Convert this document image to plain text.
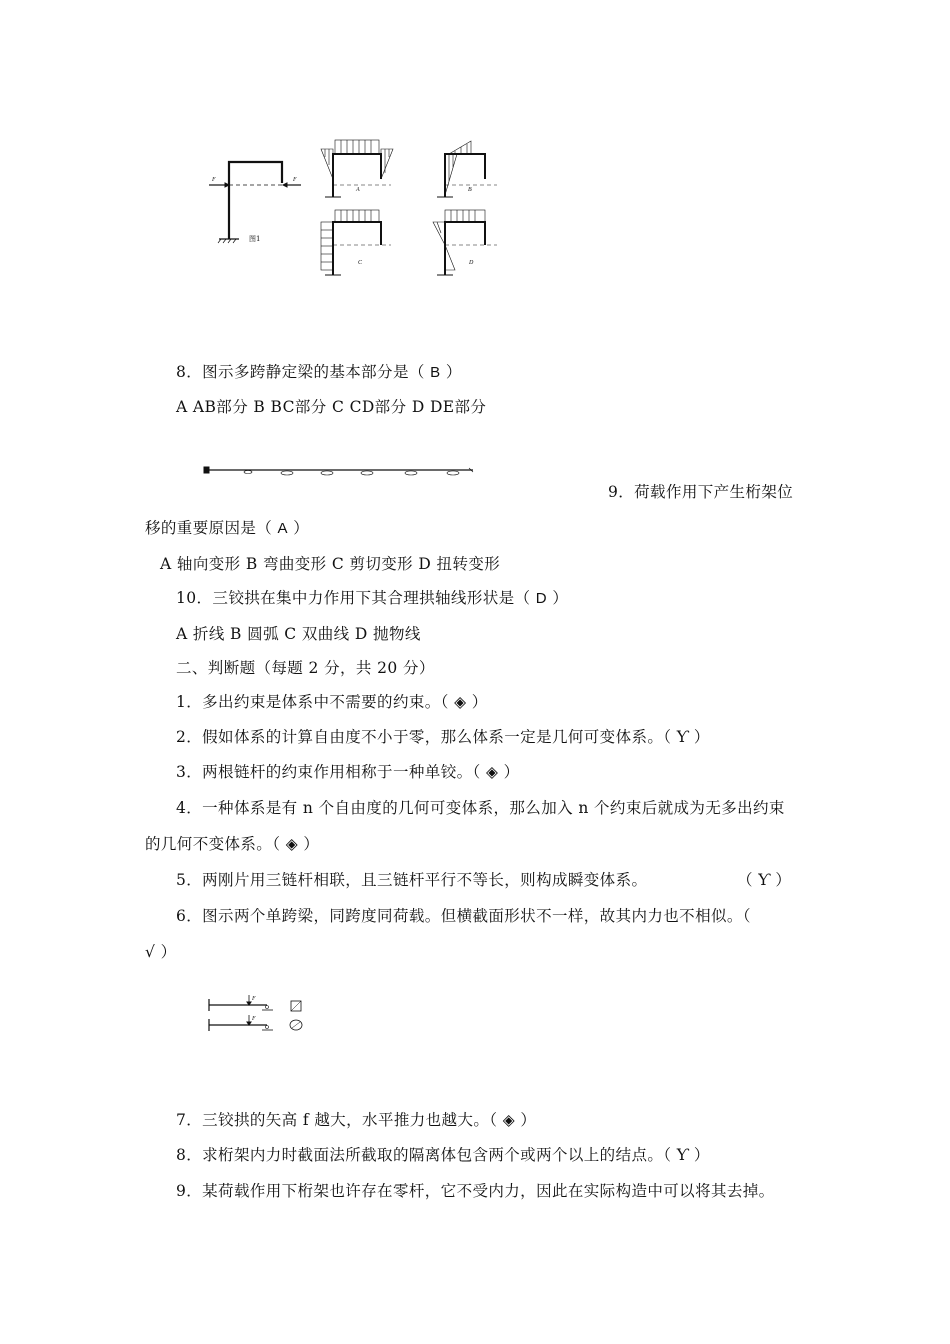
F	F
图1
A	B
C	D
8．图示多跨静定梁的基本部分是（ B ）
A AB部分 B BC部分 C CD部分 D DE部分
9．荷载作用下产生桁架位
移的重要原因是（ A ）
A 轴向变形 B 弯曲变形 C 剪切变形 D 扭转变形
10．三铰拱在集中力作用下其合理拱轴线形状是（ D ）
A 折线 B 圆弧 C 双曲线 D 抛物线
二、判断题（每题 2 分，共 20 分）
1．多出约束是体系中不需要的约束。（ ◈ ）
2．假如体系的计算自由度不小于零，那么体系一定是几何可变体系。（ Ƴ ）
3．两根链杆的约束作用相称于一种单铰。（ ◈ ）
4．一种体系是有 n 个自由度的几何可变体系，那么加入 n 个约束后就成为无多出约束
的几何不变体系。（ ◈ ）
5．两刚片用三链杆相联，且三链杆平行不等长，则构成瞬变体系。	（ Ƴ ）
6．图示两个单跨梁，同跨度同荷载。但横截面形状不一样，故其内力也不相似。（
√ ）
F
F
7．三铰拱的矢高 f 越大，水平推力也越大。（ ◈ ）
8．求桁架内力时截面法所截取的隔离体包含两个或两个以上的结点。（ Ƴ ）
9．某荷载作用下桁架也许存在零杆，它不受内力，因此在实际构造中可以将其去掉。
